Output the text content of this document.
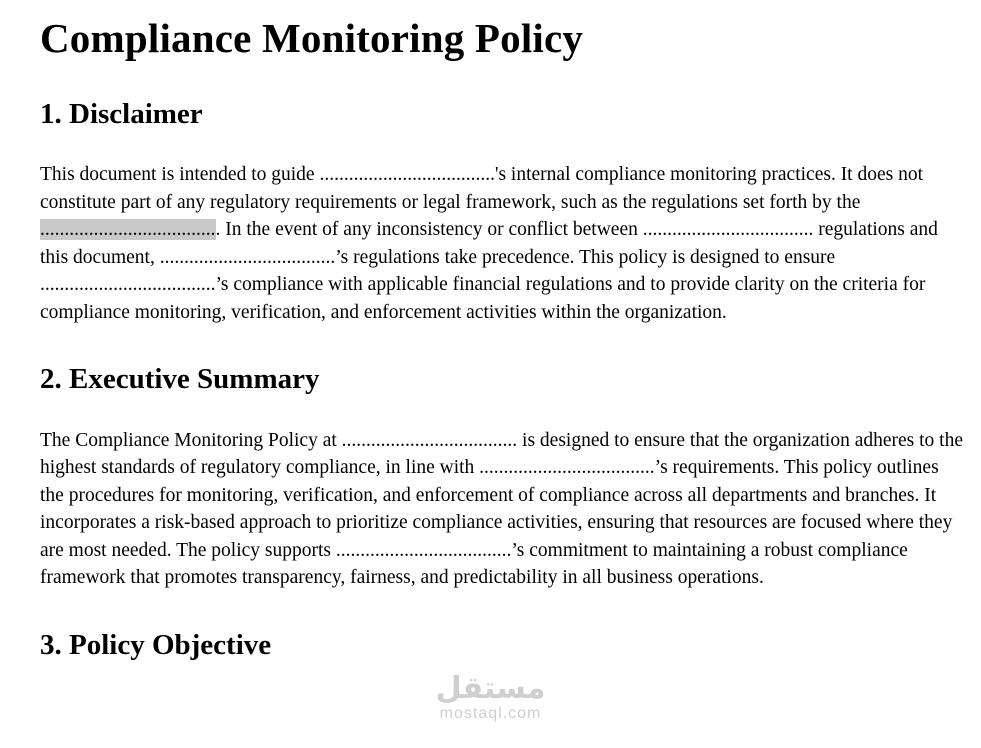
Compliance Monitoring Policy
1. Disclaimer

This document is intended to guide ....................................'s internal compliance monitoring practices. It does not constitute part of any regulatory requirements or legal framework, such as the regulations set forth by the ..................................... In the event of any inconsistency or conflict between ................................... regulations and this document, ....................................’s regulations take precedence. This policy is designed to ensure ....................................’s compliance with applicable financial regulations and to provide clarity on the criteria for compliance monitoring, verification, and enforcement activities within the organization.

2. Executive Summary

The Compliance Monitoring Policy at .................................... is designed to ensure that the organization adheres to the highest standards of regulatory compliance, in line with ....................................’s requirements. This policy outlines the procedures for monitoring, verification, and enforcement of compliance across all departments and branches. It incorporates a risk-based approach to prioritize compliance activities, ensuring that resources are focused where they are most needed. The policy supports ....................................’s commitment to maintaining a robust compliance framework that promotes transparency, fairness, and predictability in all business operations.

3. Policy Objective
مستقل
mostaql.com
